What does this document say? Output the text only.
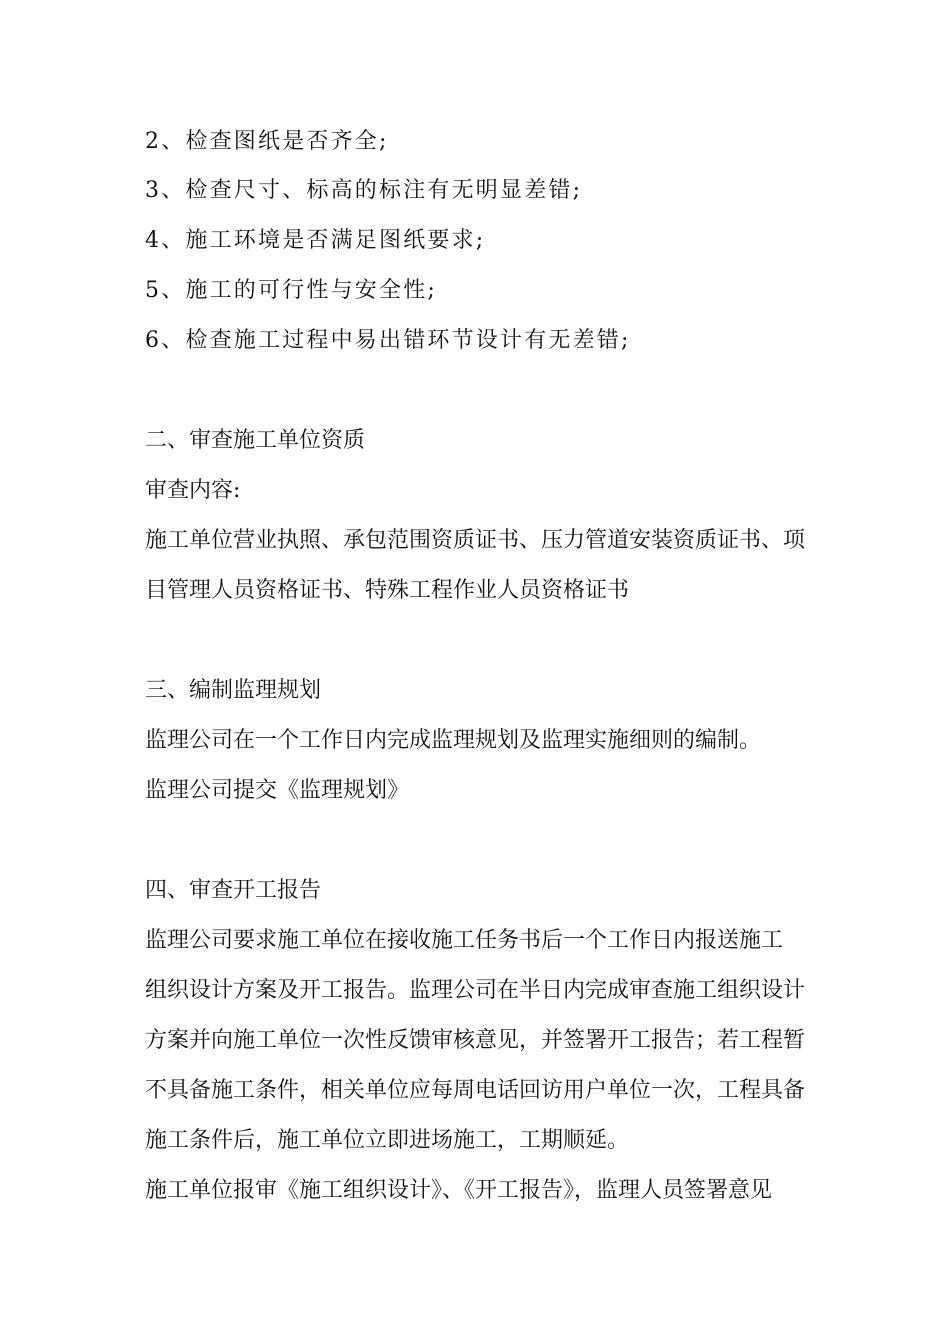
2、检查图纸是否齐全;
3、检查尺寸、标高的标注有无明显差错;
4、施工环境是否满足图纸要求;
5、施工的可行性与安全性;
6、检查施工过程中易出错环节设计有无差错;
二、审查施工单位资质
审查内容:
施工单位营业执照、承包范围资质证书、压力管道安装资质证书、项
目管理人员资格证书、特殊工程作业人员资格证书
三、编制监理规划
监理公司在一个工作日内完成监理规划及监理实施细则的编制。
监理公司提交《监理规划》
四、审查开工报告
监理公司要求施工单位在接收施工任务书后一个工作日内报送施工
组织设计方案及开工报告。监理公司在半日内完成审查施工组织设计
方案并向施工单位一次性反馈审核意见，并签署开工报告；若工程暂
不具备施工条件，相关单位应每周电话回访用户单位一次，工程具备
施工条件后，施工单位立即进场施工，工期顺延。
施工单位报审《施工组织设计》、《开工报告》，监理人员签署意见
